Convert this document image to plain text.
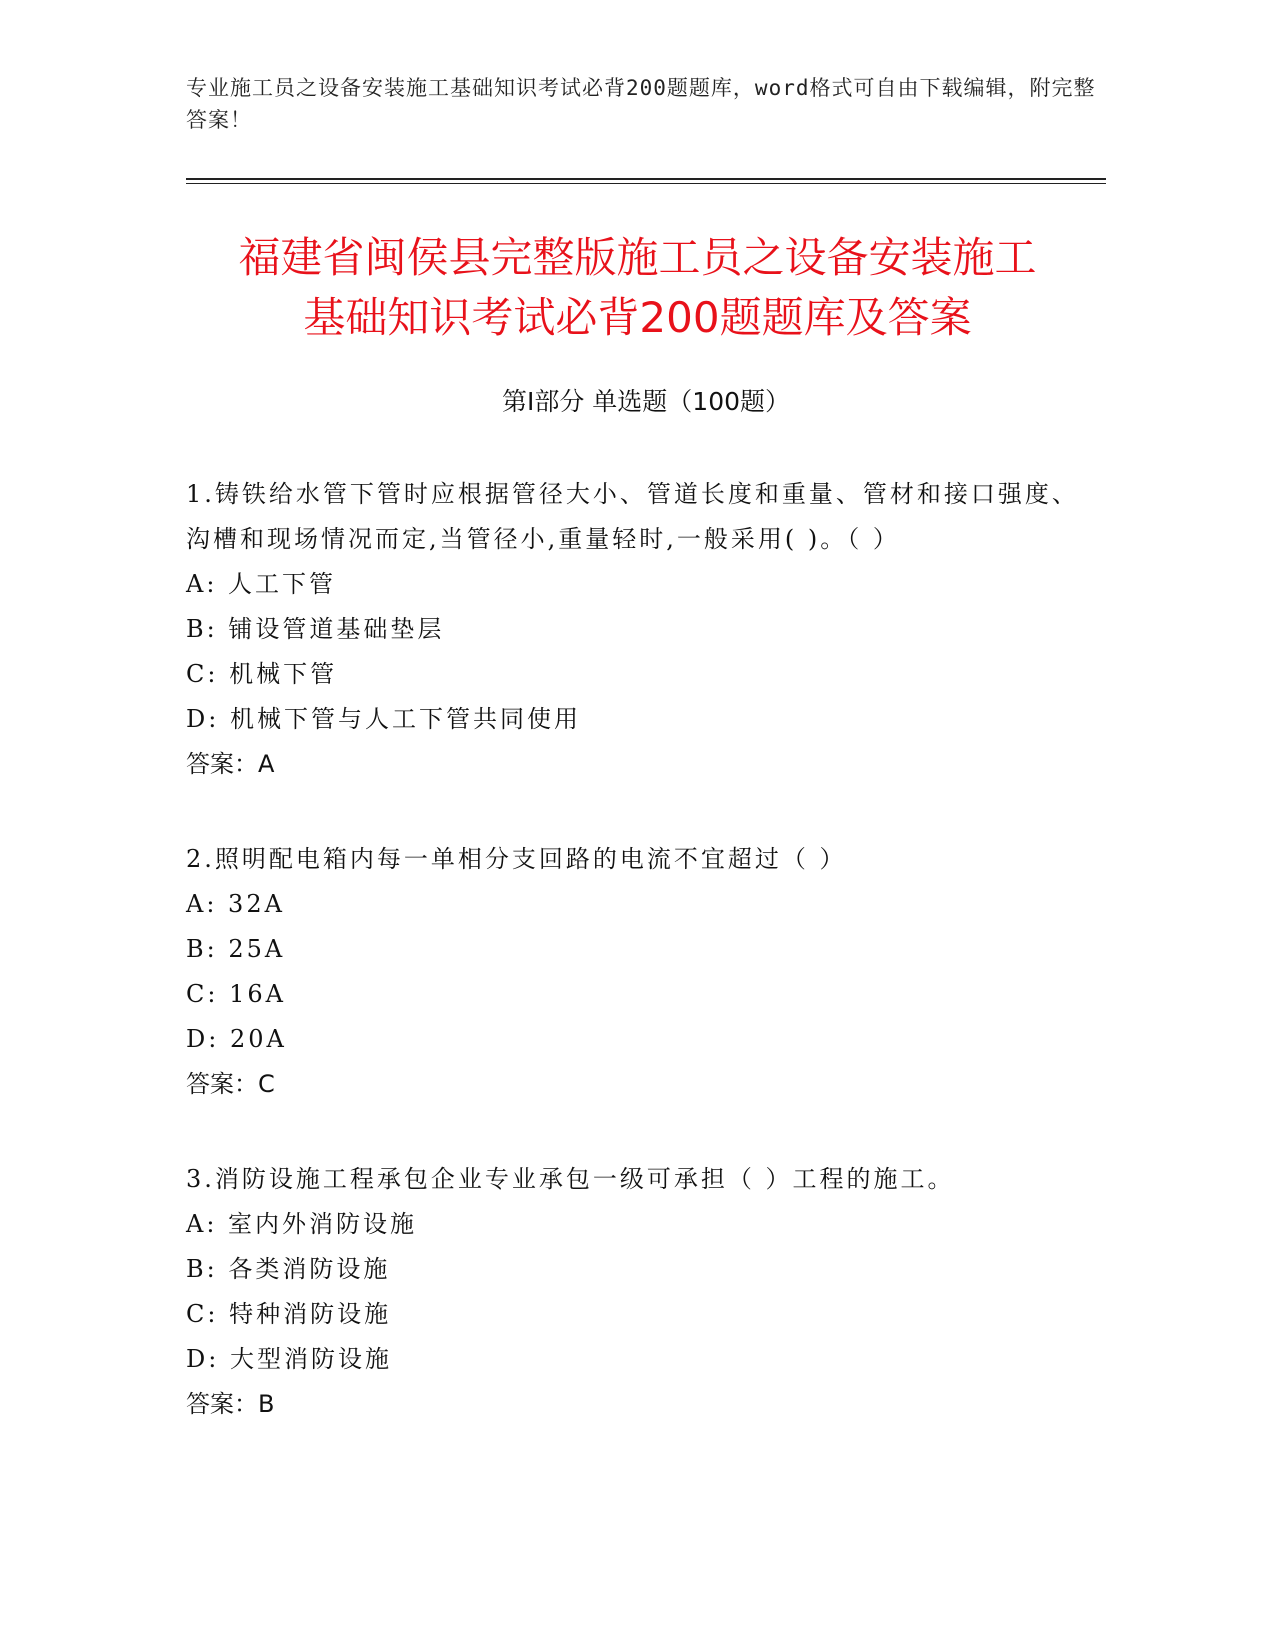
专业施工员之设备安装施工基础知识考试必背200题题库，word格式可自由下载编辑，附完整答案！
福建省闽侯县完整版施工员之设备安装施工
基础知识考试必背200题题库及答案
第Ⅰ部分 单选题（100题）

1.铸铁给水管下管时应根据管径大小、管道长度和重量、管材和接口强度、沟槽和现场情况而定,当管径小,重量轻时,一般采用( )。（ ）

A: 人工下管

B: 铺设管道基础垫层

C: 机械下管

D: 机械下管与人工下管共同使用

答案：A

2.照明配电箱内每一单相分支回路的电流不宜超过（ ）

A: 32A

B: 25A

C: 16A

D: 20A

答案：C

3.消防设施工程承包企业专业承包一级可承担（ ）工程的施工。

A: 室内外消防设施

B: 各类消防设施

C: 特种消防设施

D: 大型消防设施

答案：B
